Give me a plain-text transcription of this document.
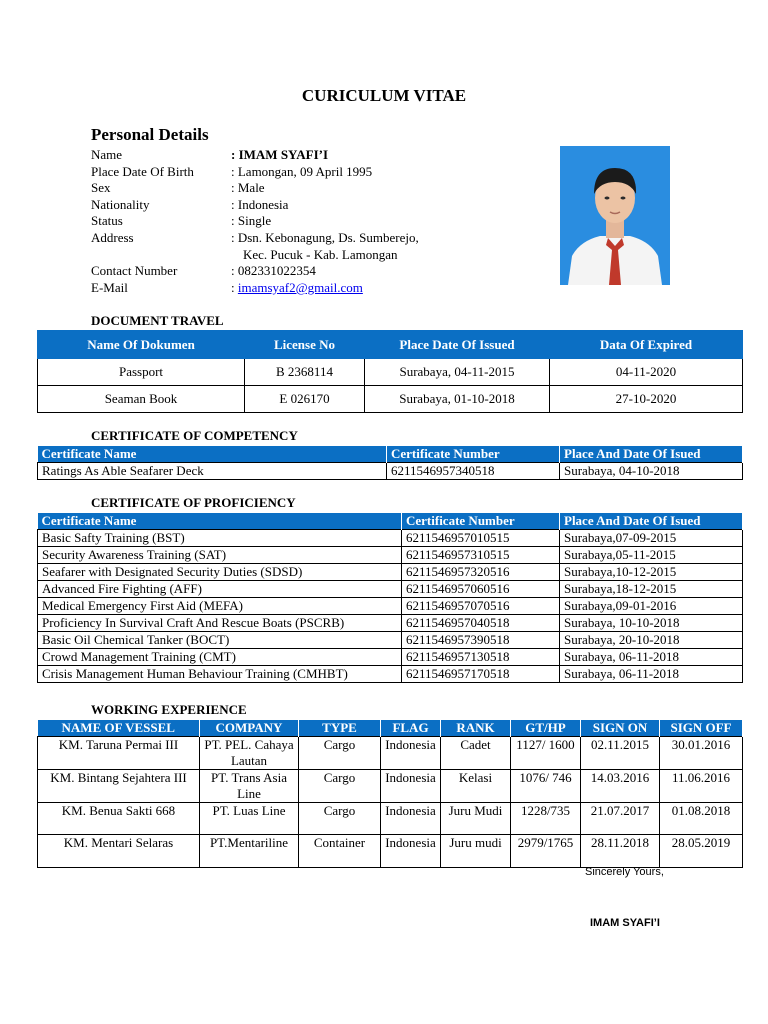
CURICULUM VITAE
Personal Details
Name	: IMAM SYAFI’I
Place Date Of Birth	: Lamongan, 09 April 1995
Sex	: Male
Nationality	: Indonesia
Status	: Single
Address	: Dsn. Kebonagung, Ds. Sumberejo,
Kec. Pucuk - Kab. Lamongan
Contact Number	: 082331022354
E-Mail	: imamsyaf2@gmail.com
DOCUMENT TRAVEL
Name Of Dokumen	License No	Place Date Of Issued	Data Of Expired
Passport	B 2368114	Surabaya, 04-11-2015	04-11-2020
Seaman Book	E 026170	Surabaya, 01-10-2018	27-10-2020
CERTIFICATE OF COMPETENCY
Certificate Name	Certificate Number	Place And Date Of Isued
Ratings As Able Seafarer Deck	6211546957340518	Surabaya, 04-10-2018
CERTIFICATE OF PROFICIENCY
Certificate Name	Certificate Number	Place And Date Of Isued
Basic Safty Training (BST)	6211546957010515	Surabaya,07-09-2015
Security Awareness Training (SAT)	6211546957310515	Surabaya,05-11-2015
Seafarer with Designated Security Duties (SDSD)	6211546957320516	Surabaya,10-12-2015
Advanced Fire Fighting (AFF)	6211546957060516	Surabaya,18-12-2015
Medical Emergency First Aid (MEFA)	6211546957070516	Surabaya,09-01-2016
Proficiency In Survival Craft And Rescue Boats (PSCRB)	6211546957040518	Surabaya, 10-10-2018
Basic Oil Chemical Tanker (BOCT)	6211546957390518	Surabaya, 20-10-2018
Crowd Management Training (CMT)	6211546957130518	Surabaya, 06-11-2018
Crisis Management Human Behaviour Training (CMHBT)	6211546957170518	Surabaya, 06-11-2018
WORKING EXPERIENCE
NAME OF VESSEL	COMPANY	TYPE	FLAG	RANK	GT/HP	SIGN ON	SIGN OFF
KM. Taruna Permai III	PT. PEL. Cahaya Lautan	Cargo	Indonesia	Cadet	1127/ 1600	02.11.2015	30.01.2016
KM. Bintang Sejahtera III	PT. Trans Asia Line	Cargo	Indonesia	Kelasi	1076/ 746	14.03.2016	11.06.2016
KM. Benua Sakti 668	PT. Luas Line	Cargo	Indonesia	Juru Mudi	1228/735	21.07.2017	01.08.2018
KM. Mentari Selaras	PT.Mentariline	Container	Indonesia	Juru mudi	2979/1765	28.11.2018	28.05.2019
Sincerely Yours,
IMAM SYAFI’I
